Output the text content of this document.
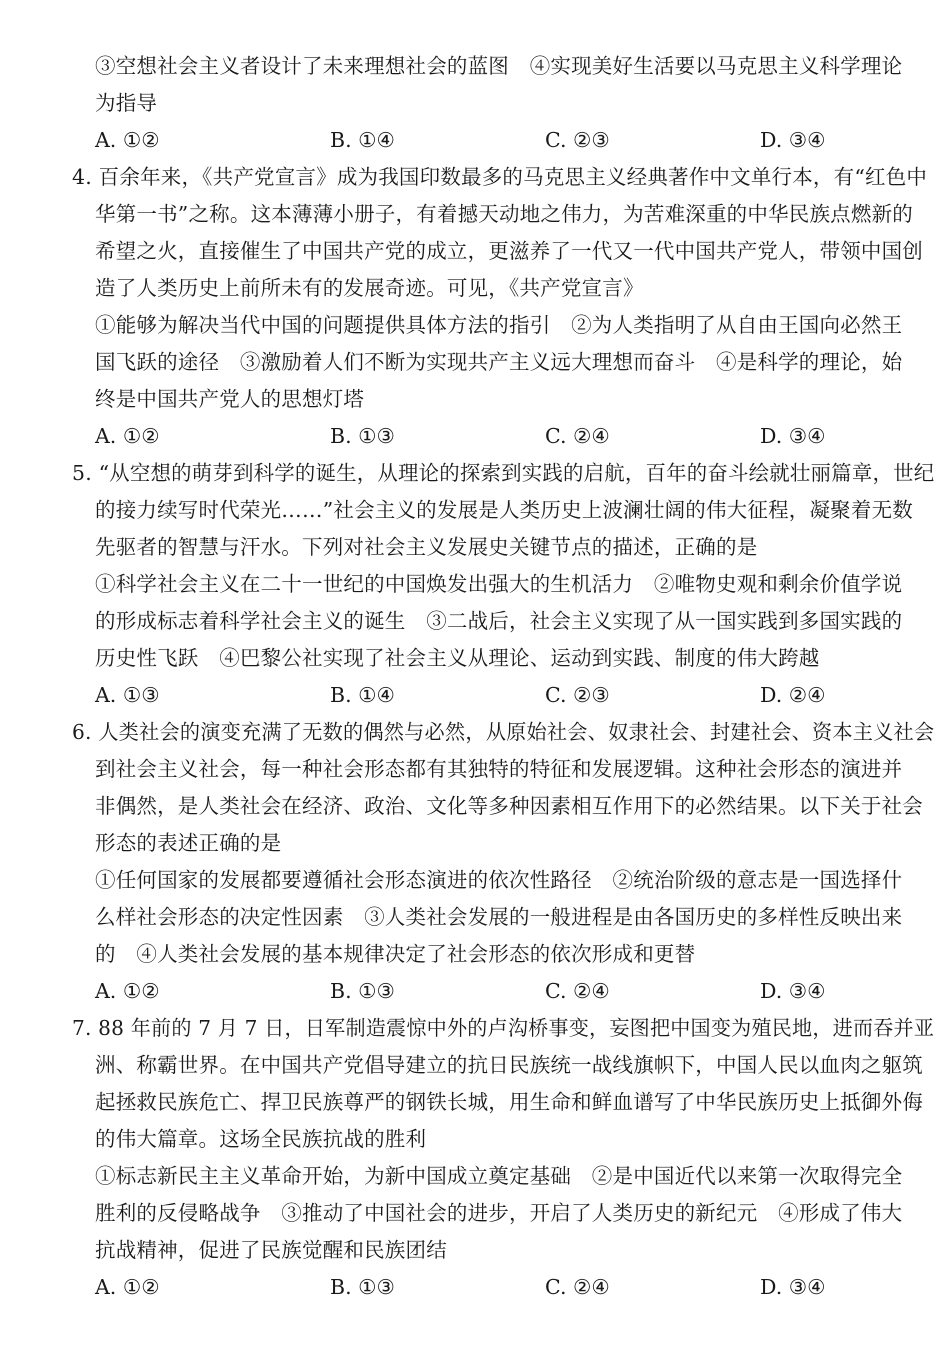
③空想社会主义者设计了未来理想社会的蓝图　④实现美好生活要以马克思主义科学理论
为指导
A. ①②	B. ①④	C. ②③	D. ③④
4. 百余年来，《共产党宣言》成为我国印数最多的马克思主义经典著作中文单行本，有“红色中
华第一书”之称。这本薄薄小册子，有着撼天动地之伟力，为苦难深重的中华民族点燃新的
希望之火，直接催生了中国共产党的成立，更滋养了一代又一代中国共产党人，带领中国创
造了人类历史上前所未有的发展奇迹。可见，《共产党宣言》
①能够为解决当代中国的问题提供具体方法的指引　②为人类指明了从自由王国向必然王
国飞跃的途径　③激励着人们不断为实现共产主义远大理想而奋斗　④是科学的理论，始
终是中国共产党人的思想灯塔
A. ①②	B. ①③	C. ②④	D. ③④
5. “从空想的萌芽到科学的诞生，从理论的探索到实践的启航，百年的奋斗绘就壮丽篇章，世纪
的接力续写时代荣光……”社会主义的发展是人类历史上波澜壮阔的伟大征程，凝聚着无数
先驱者的智慧与汗水。下列对社会主义发展史关键节点的描述，正确的是
①科学社会主义在二十一世纪的中国焕发出强大的生机活力　②唯物史观和剩余价值学说
的形成标志着科学社会主义的诞生　③二战后，社会主义实现了从一国实践到多国实践的
历史性飞跃　④巴黎公社实现了社会主义从理论、运动到实践、制度的伟大跨越
A. ①③	B. ①④	C. ②③	D. ②④
6. 人类社会的演变充满了无数的偶然与必然，从原始社会、奴隶社会、封建社会、资本主义社会
到社会主义社会，每一种社会形态都有其独特的特征和发展逻辑。这种社会形态的演进并
非偶然，是人类社会在经济、政治、文化等多种因素相互作用下的必然结果。以下关于社会
形态的表述正确的是
①任何国家的发展都要遵循社会形态演进的依次性路径　②统治阶级的意志是一国选择什
么样社会形态的决定性因素　③人类社会发展的一般进程是由各国历史的多样性反映出来
的　④人类社会发展的基本规律决定了社会形态的依次形成和更替
A. ①②	B. ①③	C. ②④	D. ③④
7. 88 年前的 7 月 7 日，日军制造震惊中外的卢沟桥事变，妄图把中国变为殖民地，进而吞并亚
洲、称霸世界。在中国共产党倡导建立的抗日民族统一战线旗帜下，中国人民以血肉之躯筑
起拯救民族危亡、捍卫民族尊严的钢铁长城，用生命和鲜血谱写了中华民族历史上抵御外侮
的伟大篇章。这场全民族抗战的胜利
①标志新民主主义革命开始，为新中国成立奠定基础　②是中国近代以来第一次取得完全
胜利的反侵略战争　③推动了中国社会的进步，开启了人类历史的新纪元　④形成了伟大
抗战精神，促进了民族觉醒和民族团结
A. ①②	B. ①③	C. ②④	D. ③④
